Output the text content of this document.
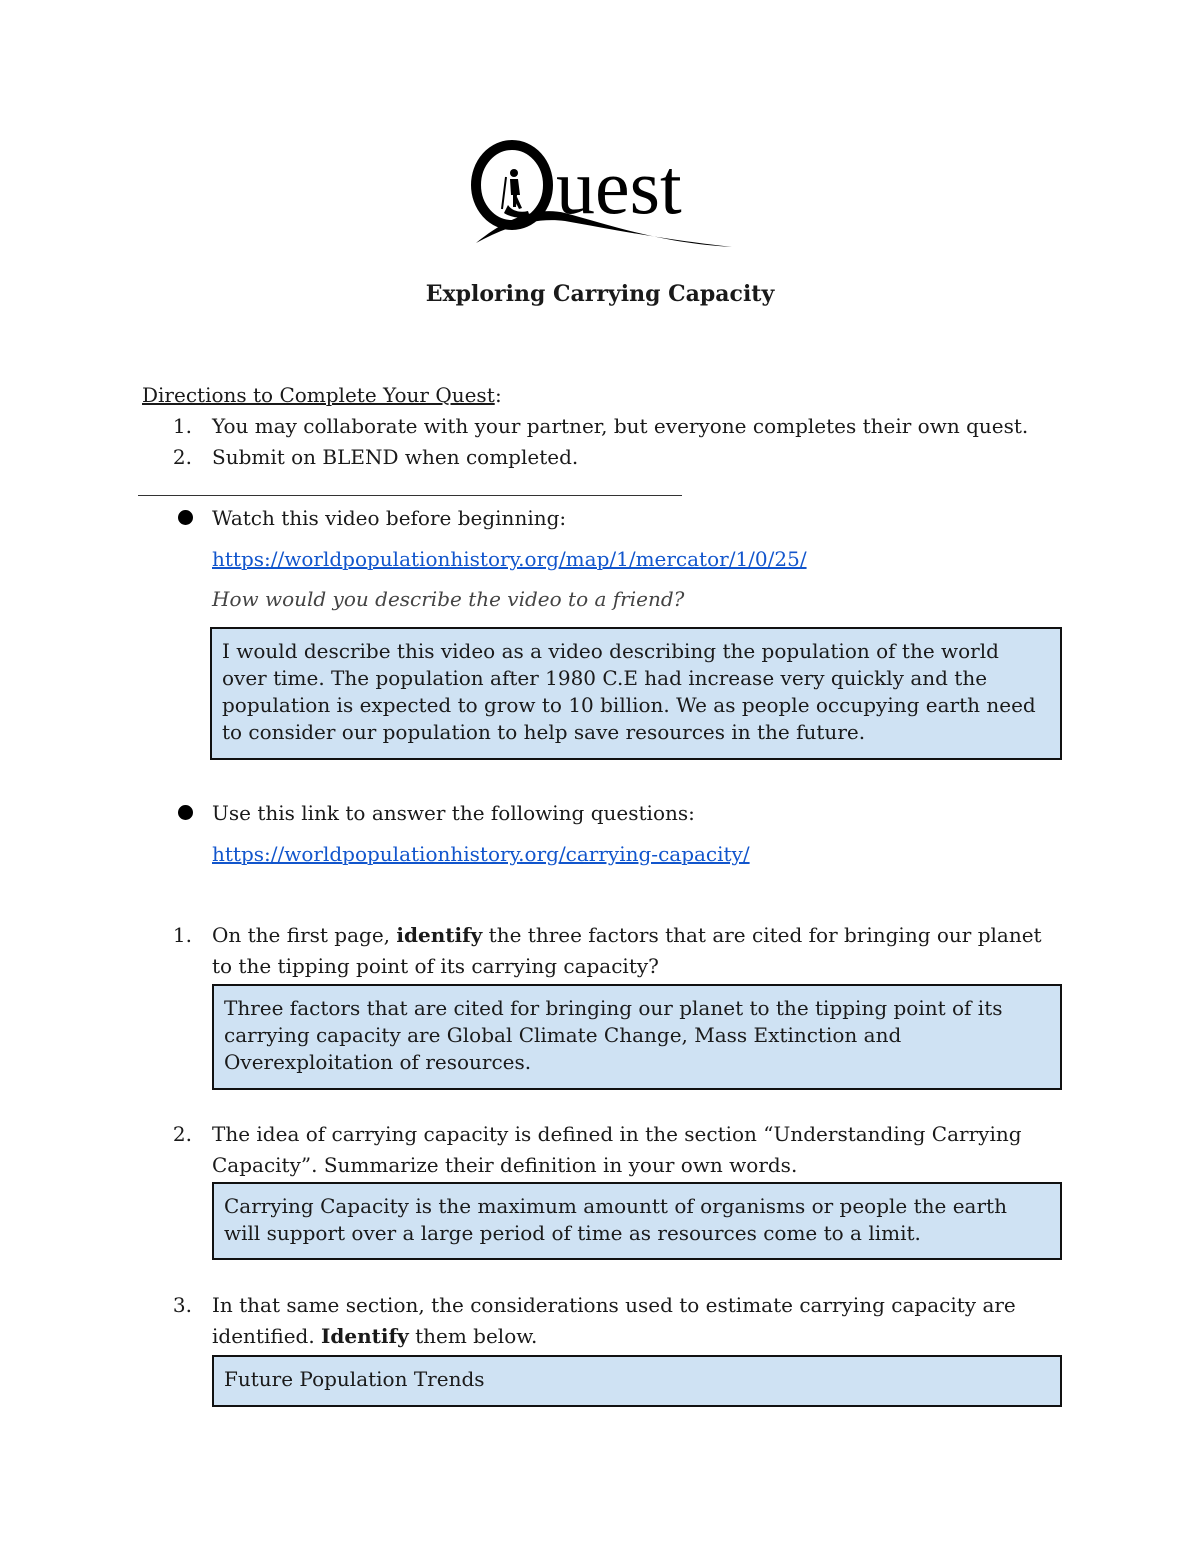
uest
Exploring Carrying Capacity
Directions to Complete Your Quest :
1. You may collaborate with your partner, but everyone completes their own quest.
2. Submit on BLEND when completed.
Watch this video before beginning:
https://worldpopulationhistory.org/map/1/mercator/1/0/25/
How would you describe the video to a friend?
I would describe this video as a video describing the population of the world
over time. The population after 1980 C.E had increase very quickly and the
population is expected to grow to 10 billion. We as people occupying earth need
to consider our population to help save resources in the future.
Use this link to answer the following questions:
https://worldpopulationhistory.org/carrying-capacity/
1. On the first page, identify the three factors that are cited for bringing our planet
to the tipping point of its carrying capacity?
Three factors that are cited for bringing our planet to the tipping point of its
carrying capacity are Global Climate Change, Mass Extinction and
Overexploitation of resources.
2. The idea of carrying capacity is defined in the section “Understanding Carrying
Capacity”. Summarize their definition in your own words.
Carrying Capacity is the maximum amountt of organisms or people the earth
will support over a large period of time as resources come to a limit.
3. In that same section, the considerations used to estimate carrying capacity are
identified. Identify them below.
Future Population Trends
